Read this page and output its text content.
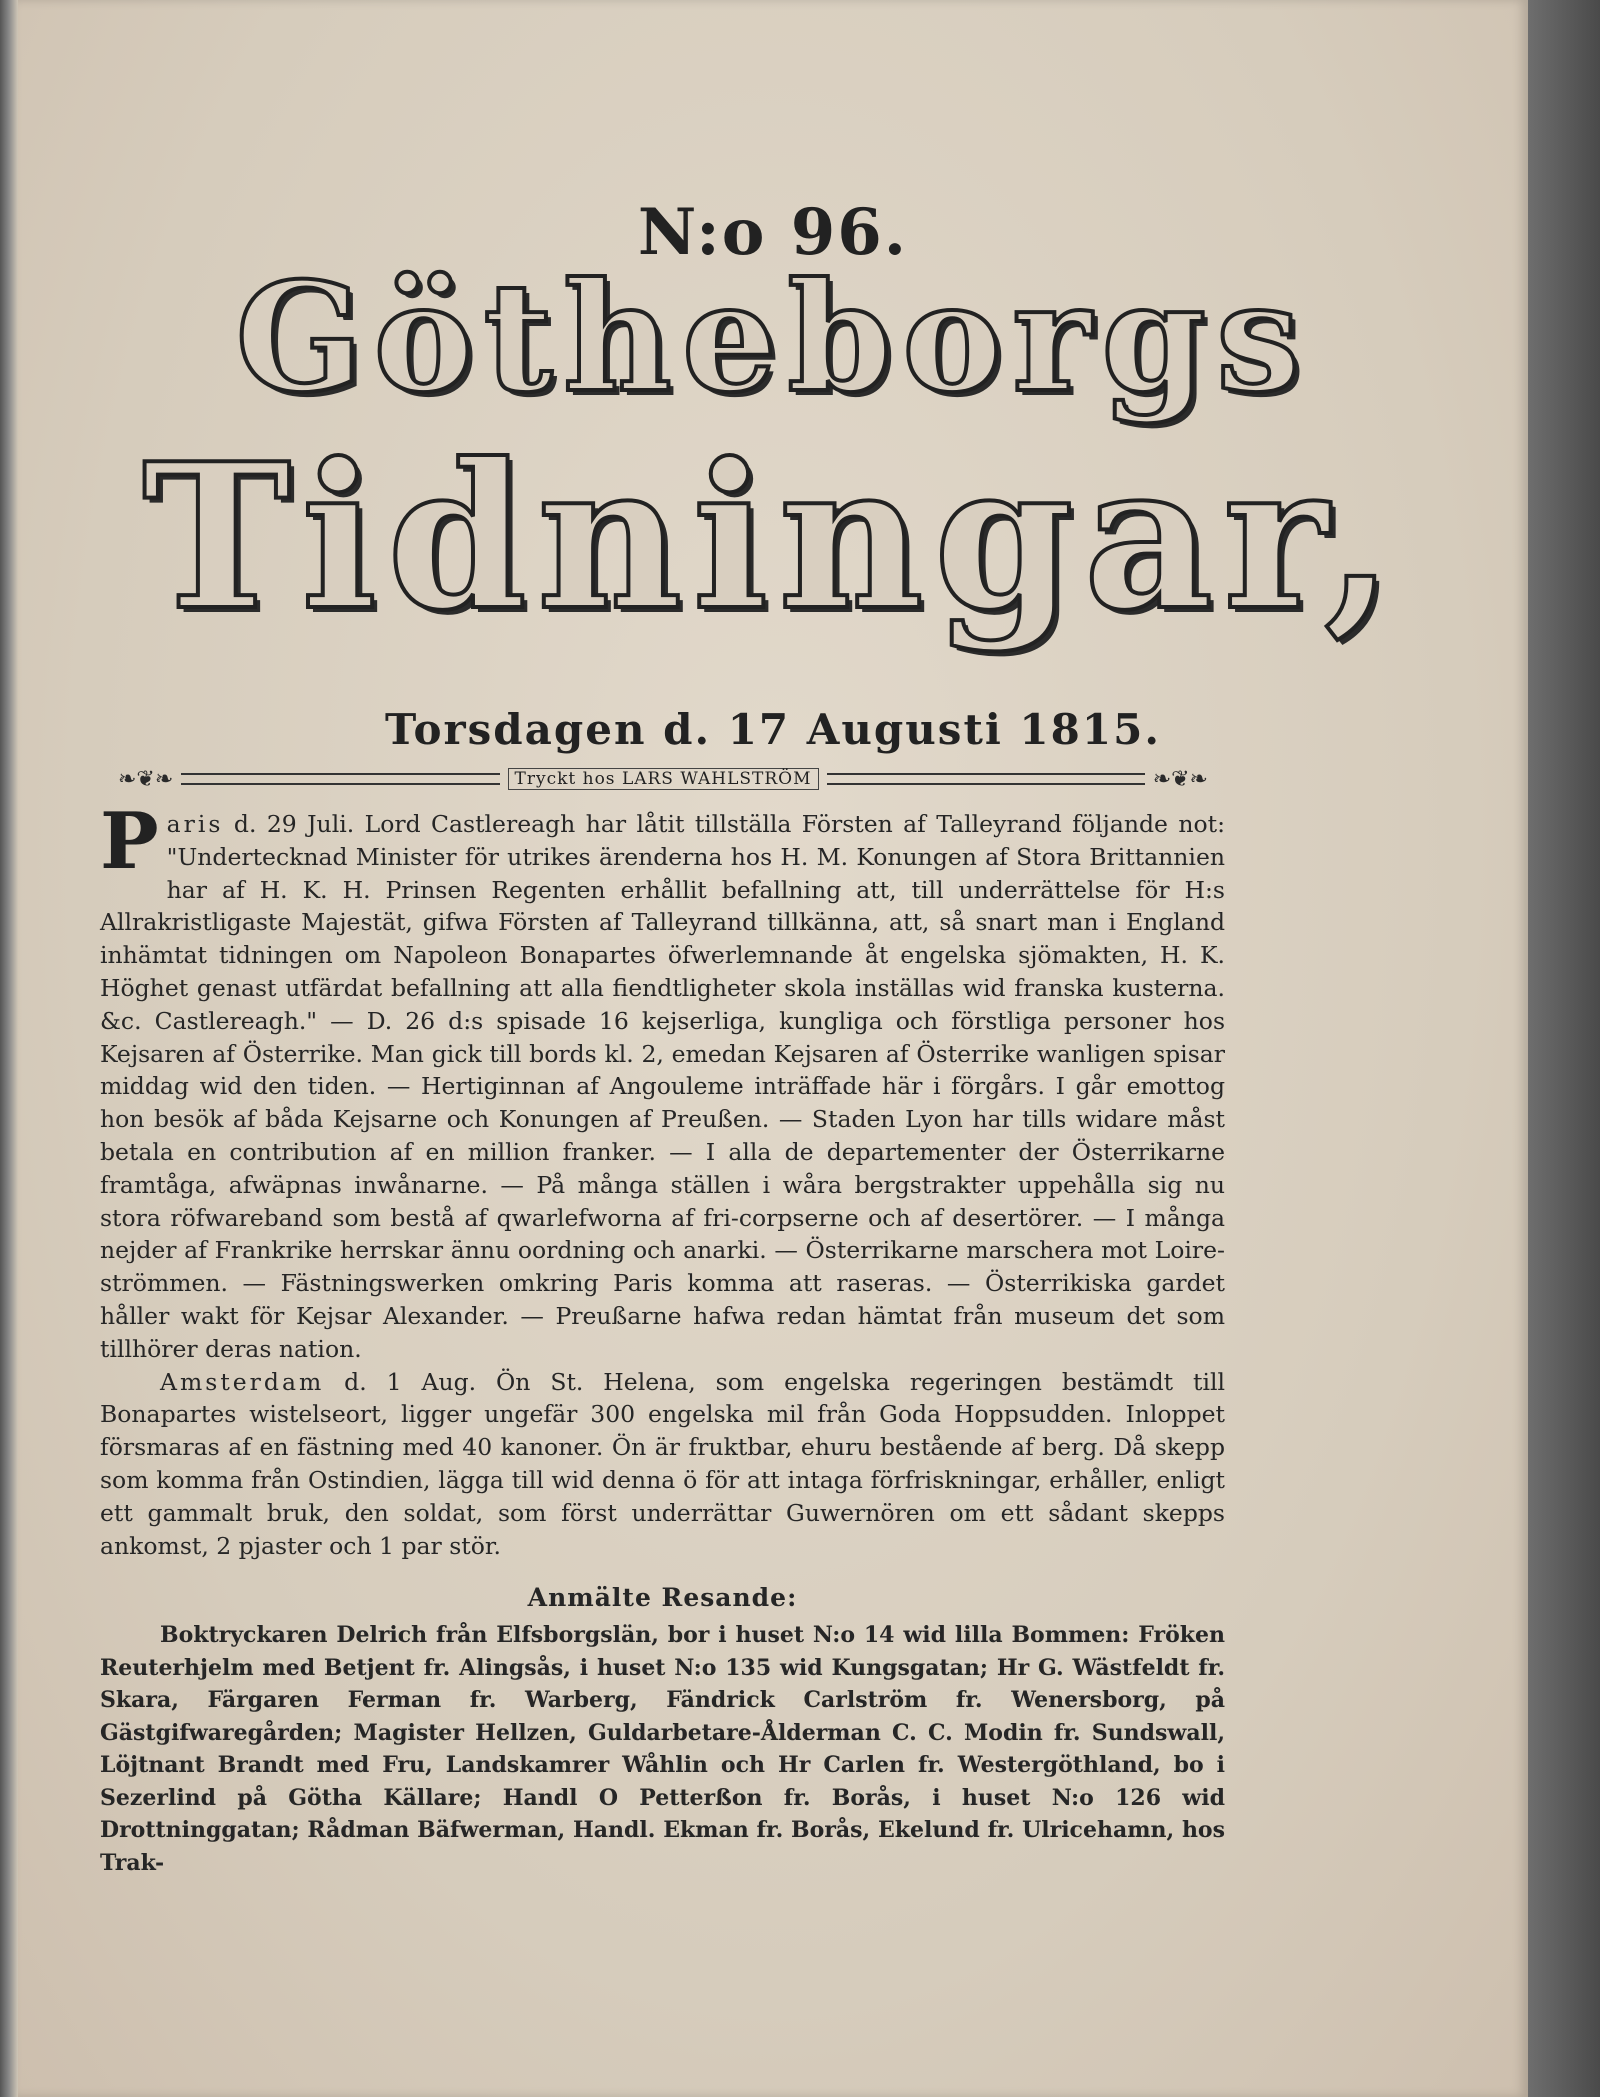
N:o 96.
Götheborgs
Tidningar,
Torsdagen d. 17 Augusti 1815.
❧❦❧	Tryckt hos LARS WAHLSTRÖM	❧❦❧

Paris d. 29 Juli. Lord Castlereagh har låtit tillställa Försten af Talleyrand följande not: "Undertecknad Minister för utrikes ärenderna hos H. M. Konungen af Stora Brittannien har af H. K. H. Prinsen Regenten erhållit befallning att, till underrättelse för H:s Allrakristligaste Majestät, gifwa Försten af Talleyrand tillkänna, att, så snart man i England inhämtat tidningen om Napoleon Bonapartes öfwerlemnande åt engelska sjömakten, H. K. Höghet genast utfärdat befallning att alla fiendtligheter skola inställas wid franska kusterna. &c. Castlereagh." — D. 26 d:s spisade 16 kejserliga, kungliga och förstliga personer hos Kejsaren af Österrike. Man gick till bords kl. 2, emedan Kejsaren af Österrike wanligen spisar middag wid den tiden. — Hertiginnan af Angouleme inträffade här i förgårs. I går emottog hon besök af båda Kejsarne och Konungen af Preußen. — Staden Lyon har tills widare måst betala en contribution af en million franker. — I alla de departementer der Österrikarne framtåga, afwäpnas inwånarne. — På många ställen i wåra bergstrakter uppehålla sig nu stora röfwareband som bestå af qwarlefworna af fri-corpserne och af desertörer. — I många nejder af Frankrike herrskar ännu oordning och anarki. — Österrikarne marschera mot Loire-strömmen. — Fästningswerken omkring Paris komma att raseras. — Österrikiska gardet håller wakt för Kejsar Alexander. — Preußarne hafwa redan hämtat från museum det som tillhörer deras nation.

Amsterdam d. 1 Aug. Ön St. Helena, som engelska regeringen bestämdt till Bonapartes wistelseort, ligger ungefär 300 engelska mil från Goda Hoppsudden. Inloppet försmaras af en fästning med 40 kanoner. Ön är fruktbar, ehuru bestående af berg. Då skepp som komma från Ostindien, lägga till wid denna ö för att intaga förfriskningar, erhåller, enligt ett gammalt bruk, den soldat, som först underrättar Guwernören om ett sådant skepps ankomst, 2 pjaster och 1 par stör.

Anmälte Resande:

Boktryckaren Delrich från Elfsborgslän, bor i huset N:o 14 wid lilla Bommen: Fröken Reuterhjelm med Betjent fr. Alingsås, i huset N:o 135 wid Kungsgatan; Hr G. Wästfeldt fr. Skara, Färgaren Ferman fr. Warberg, Fändrick Carlström fr. Wenersborg, på Gästgifwaregården; Magister Hellzen, Guldarbetare-Ålderman C. C. Modin fr. Sundswall, Löjtnant Brandt med Fru, Landskamrer Wåhlin och Hr Carlen fr. Westergöthland, bo i Sezerlind på Götha Källare; Handl O Petterßon fr. Borås, i huset N:o 126 wid Drottninggatan; Rådman Bäfwerman, Handl. Ekman fr. Borås, Ekelund fr. Ulricehamn, hos Trak-
